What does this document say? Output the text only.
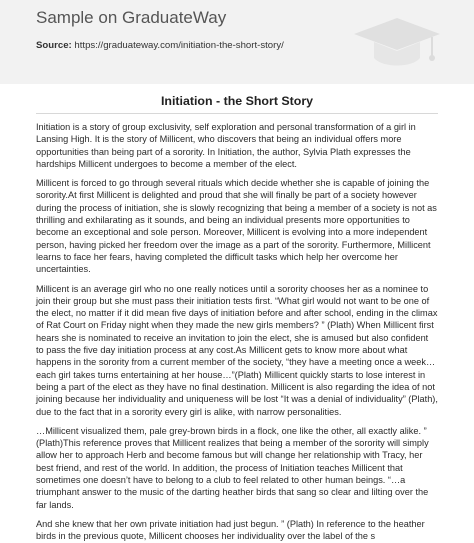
Sample on GraduateWay
Source: https://graduateway.com/initiation-the-short-story/
Initiation - the Short Story

Initiation is a story of group exclusivity, self exploration and personal transformation of a girl in Lansing High. It is the story of Millicent, who discovers that being an individual offers more opportunities than being part of a sorority. In Initiation, the author, Sylvia Plath expresses the hardships Millicent undergoes to become a member of the elect.

Millicent is forced to go through several rituals which decide whether she is capable of joining the sorority.At first Millicent is delighted and proud that she will finally be part of a society however during the process of initiation, she is slowly recognizing that being a member of a society is not as thrilling and exhilarating as it sounds, and being an individual presents more opportunities to become an exceptional and sole person. Moreover, Millicent is evolving into a more independent person, having picked her freedom over the image as a part of the sorority. Furthermore, Millicent learns to face her fears, having completed the difficult tasks which help her overcome her uncertainties.

Millicent is an average girl who no one really notices until a sorority chooses her as a nominee to join their group but she must pass their initiation tests first. “What girl would not want to be one of the elect, no matter if it did mean five days of initiation before and after school, ending in the climax of Rat Court on Friday night when they made the new girls members? ” (Plath) When Millicent first hears she is nominated to receive an invitation to join the elect, she is amused but also confident to pass the five day initiation process at any cost.As Millicent gets to know more about what happens in the sorority from a current member of the society, “they have a meeting once a week…each girl takes turns entertaining at her house…”(Plath) Millicent quickly starts to lose interest in being a part of the elect as they have no final destination. Millicent is also regarding the idea of not joining because her individuality and uniqueness will be lost “It was a denial of individuality” (Plath), due to the fact that in a sorority every girl is alike, with narrow personalities.

…Millicent visualized them, pale grey-brown birds in a flock, one like the other, all exactly alike. ” (Plath)This reference proves that Millicent realizes that being a member of the sorority will simply allow her to approach Herb and become famous but will change her relationship with Tracy, her best friend, and rest of the world. In addition, the process of Initiation teaches Millicent that sometimes one doesn’t have to belong to a club to feel related to other human beings. “…a triumphant answer to the music of the darting heather birds that sang so clear and lilting over the far lands.

And she knew that her own private initiation had just begun. ” (Plath) In reference to the heather birds in the previous quote, Millicent chooses her individuality over the label of the s
